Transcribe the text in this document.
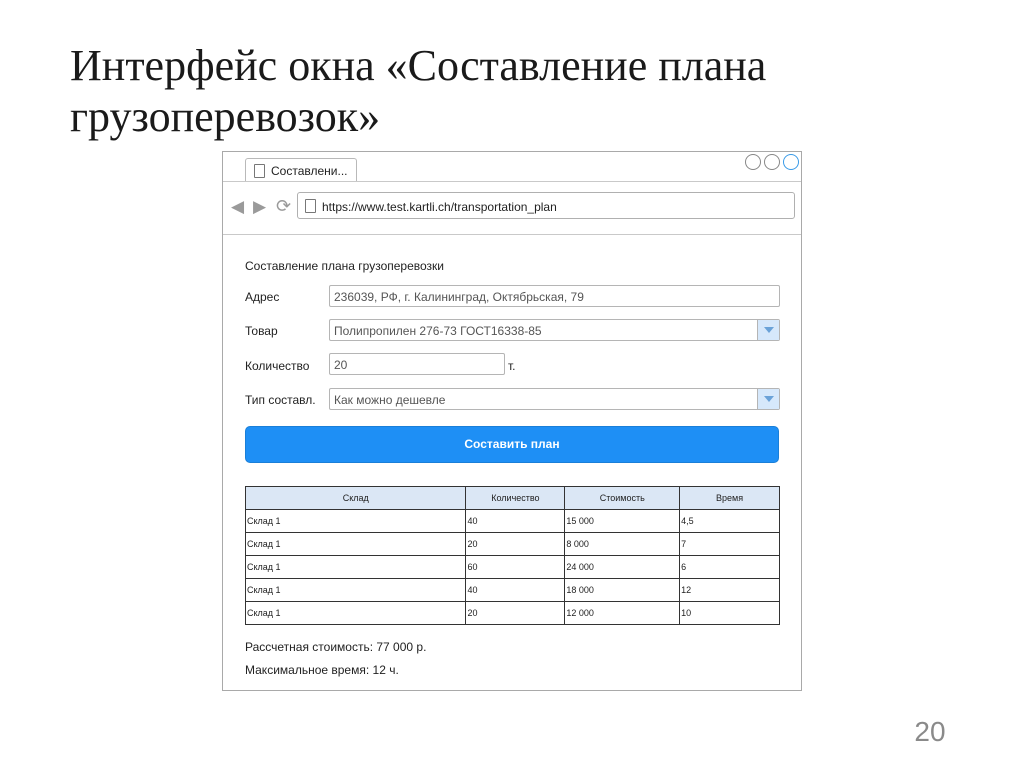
Интерфейс окна «Составление плана грузоперевозок»
Составлени...
◀ ▶ ⟳	https://www.test.kartli.ch/transportation_plan
Составление плана грузоперевозки
Адрес	236039, РФ, г. Калининград, Октябрьская, 79
Товар	Полипропилен 276-73 ГОСТ16338-85
Количество	20	т.
Тип составл.	Как можно дешевле
Составить план
Склад	Количество	Стоимость	Время
Склад 1	40	15 000	4,5
Склад 1	20	8 000	7
Склад 1	60	24 000	6
Склад 1	40	18 000	12
Склад 1	20	12 000	10
Рассчетная стоимость: 77 000 р.
Максимальное время: 12 ч.
20
